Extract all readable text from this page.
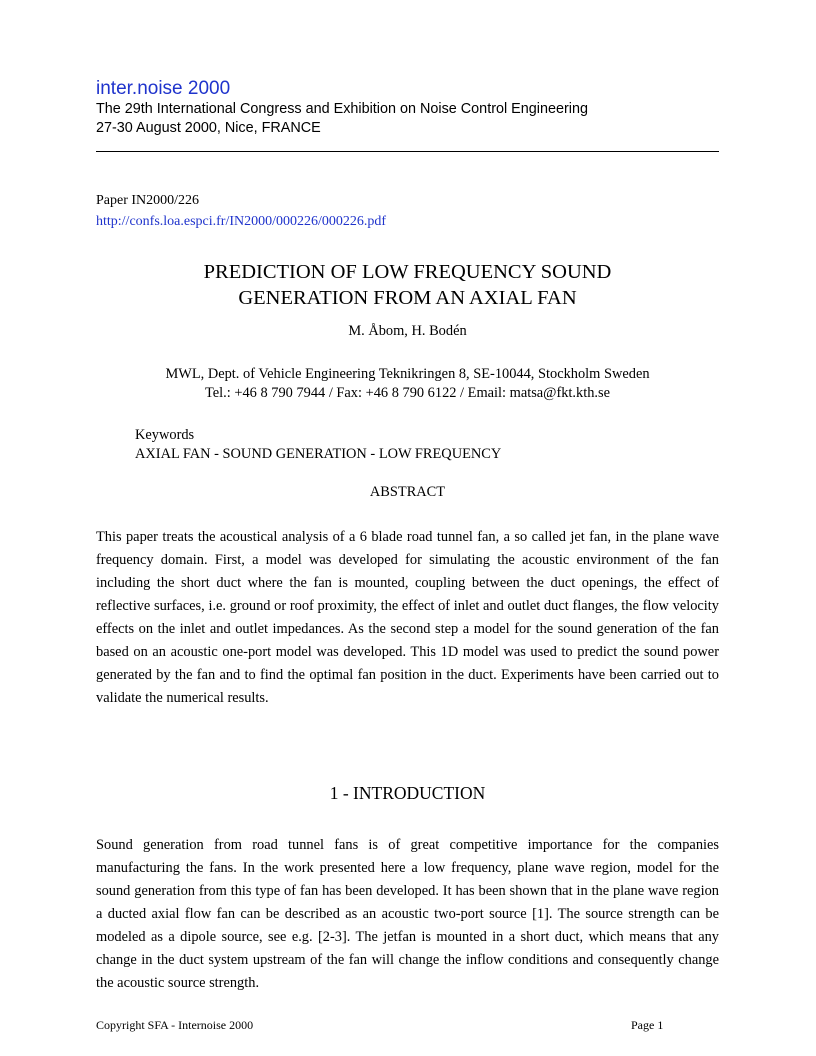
inter.noise 2000
The 29th International Congress and Exhibition on Noise Control Engineering
27-30 August 2000, Nice, FRANCE
Paper IN2000/226
http://confs.loa.espci.fr/IN2000/000226/000226.pdf
PREDICTION OF LOW FREQUENCY SOUND
GENERATION FROM AN AXIAL FAN
M. Åbom, H. Bodén
MWL, Dept. of Vehicle Engineering Teknikringen 8, SE-10044, Stockholm Sweden
Tel.: +46 8 790 7944 / Fax: +46 8 790 6122 / Email: matsa@fkt.kth.se
Keywords
AXIAL FAN - SOUND GENERATION - LOW FREQUENCY
ABSTRACT

This paper treats the acoustical analysis of a 6 blade road tunnel fan, a so called jet fan, in the plane wave frequency domain. First, a model was developed for simulating the acoustic environment of the fan including the short duct where the fan is mounted, coupling between the duct openings, the effect of reflective surfaces, i.e. ground or roof proximity, the effect of inlet and outlet duct flanges, the flow velocity effects on the inlet and outlet impedances. As the second step a model for the sound generation of the fan based on an acoustic one-port model was developed. This 1D model was used to predict the sound power generated by the fan and to find the optimal fan position in the duct. Experiments have been carried out to validate the numerical results.

1 - INTRODUCTION

Sound generation from road tunnel fans is of great competitive importance for the companies manufacturing the fans. In the work presented here a low frequency, plane wave region, model for the sound generation from this type of fan has been developed. It has been shown that in the plane wave region a ducted axial flow fan can be described as an acoustic two-port source [1]. The source strength can be modeled as a dipole source, see e.g. [2-3]. The jetfan is mounted in a short duct, which means that any change in the duct system upstream of the fan will change the inflow conditions and consequently change the acoustic source strength.

Copyright SFA - Internoise 2000	Page 1
